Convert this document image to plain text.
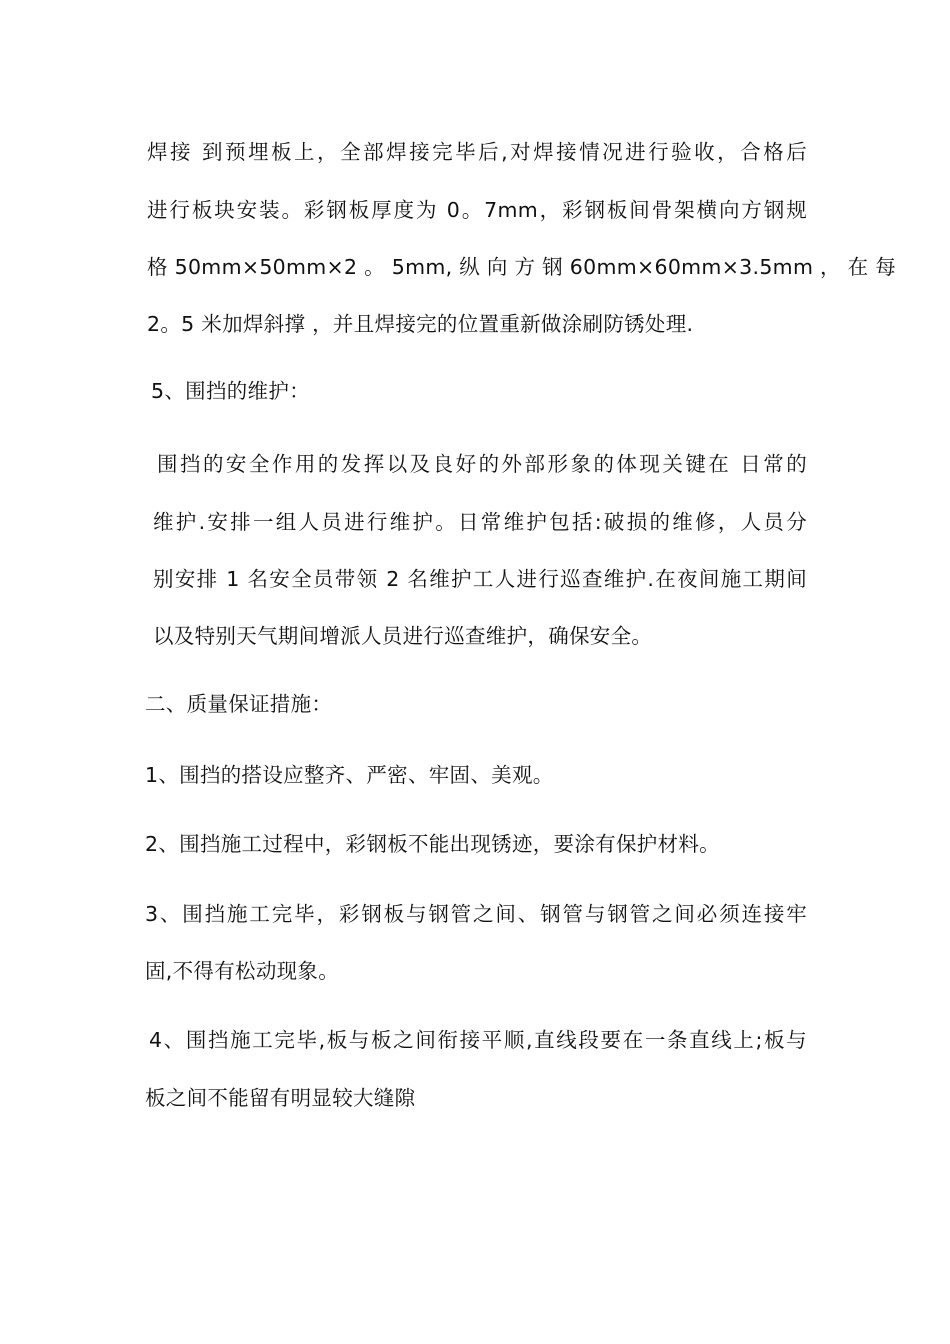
焊接 到预埋板上，全部焊接完毕后,对焊接情况进行验收，合格后
进行板块安装。彩钢板厚度为 0。7mm，彩钢板间骨架横向方钢规
格 50mm×50mm×2 。 5mm, 纵 向 方 钢 60mm×60mm×3.5mm ， 在 每
2。5 米加焊斜撑 ，并且焊接完的位置重新做涂刷防锈处理.
5、围挡的维护：
围挡的安全作用的发挥以及良好的外部形象的体现关键在 日常的
维护.安排一组人员进行维护。日常维护包括:破损的维修，人员分
别安排 1 名安全员带领 2 名维护工人进行巡查维护.在夜间施工期间
以及特别天气期间增派人员进行巡查维护，确保安全。
二、质量保证措施：
1、围挡的搭设应整齐、严密、牢固、美观。
2、围挡施工过程中，彩钢板不能出现锈迹，要涂有保护材料。
3、围挡施工完毕，彩钢板与钢管之间、钢管与钢管之间必须连接牢
固,不得有松动现象。
4、围挡施工完毕,板与板之间衔接平顺,直线段要在一条直线上;板与
板之间不能留有明显较大缝隙
